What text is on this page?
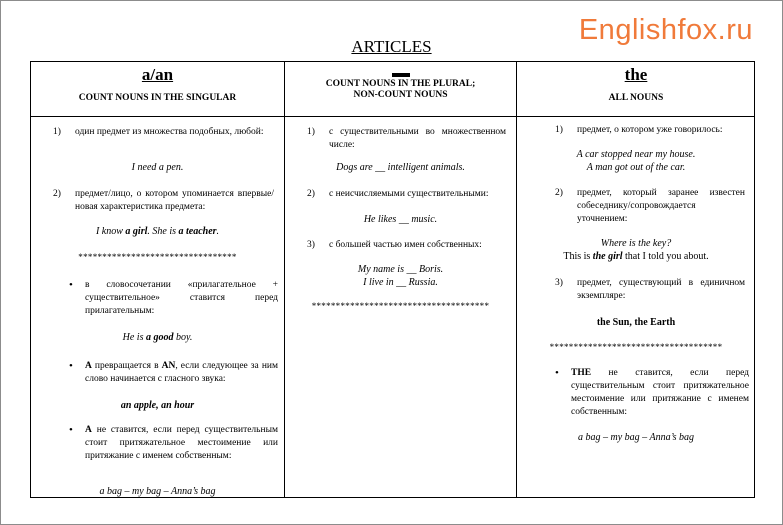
Englishfox.ru
ARTICLES
a/an
COUNT NOUNS IN THE SINGULAR
1)	один предмет из множества подобных, любой:
I need a pen.
2)	предмет/лицо, о котором упоминается впервые/новая характеристика предмета:
I know a girl. She is a teacher.
*********************************
•	в словосочетании «прилагательное + существительное» ставится перед прилагательным:
He is a good boy.
•	A превращается в AN, если следующее за ним слово начинается с гласного звука:
an apple, an hour
•	A не ставится, если перед существительным стоит притяжательное местоимение или притяжание с именем собственным:
a bag – my bag – Anna’s bag
COUNT NOUNS IN THE PLURAL;
NON-COUNT NOUNS
1)	с существительными во множественном числе:
Dogs are __ intelligent animals.
2)	с неисчисляемыми существительными:
He likes __ music.
3)	с большей частью имен собственных:
My name is __ Boris.
I live in __ Russia.
*************************************
the
ALL NOUNS
1)	предмет, о котором уже говорилось:
A car stopped near my house.
A man got out of the car.
2)	предмет, который заранее известен собеседнику/сопровождается уточнением:
Where is the key?
This is the girl that I told you about.
3)	предмет, существующий в единичном экземпляре:
the Sun, the Earth
************************************
•	THE не ставится, если перед существительным стоит притяжательное местоимение или притяжание с именем собственным:
a bag – my bag – Anna’s bag
